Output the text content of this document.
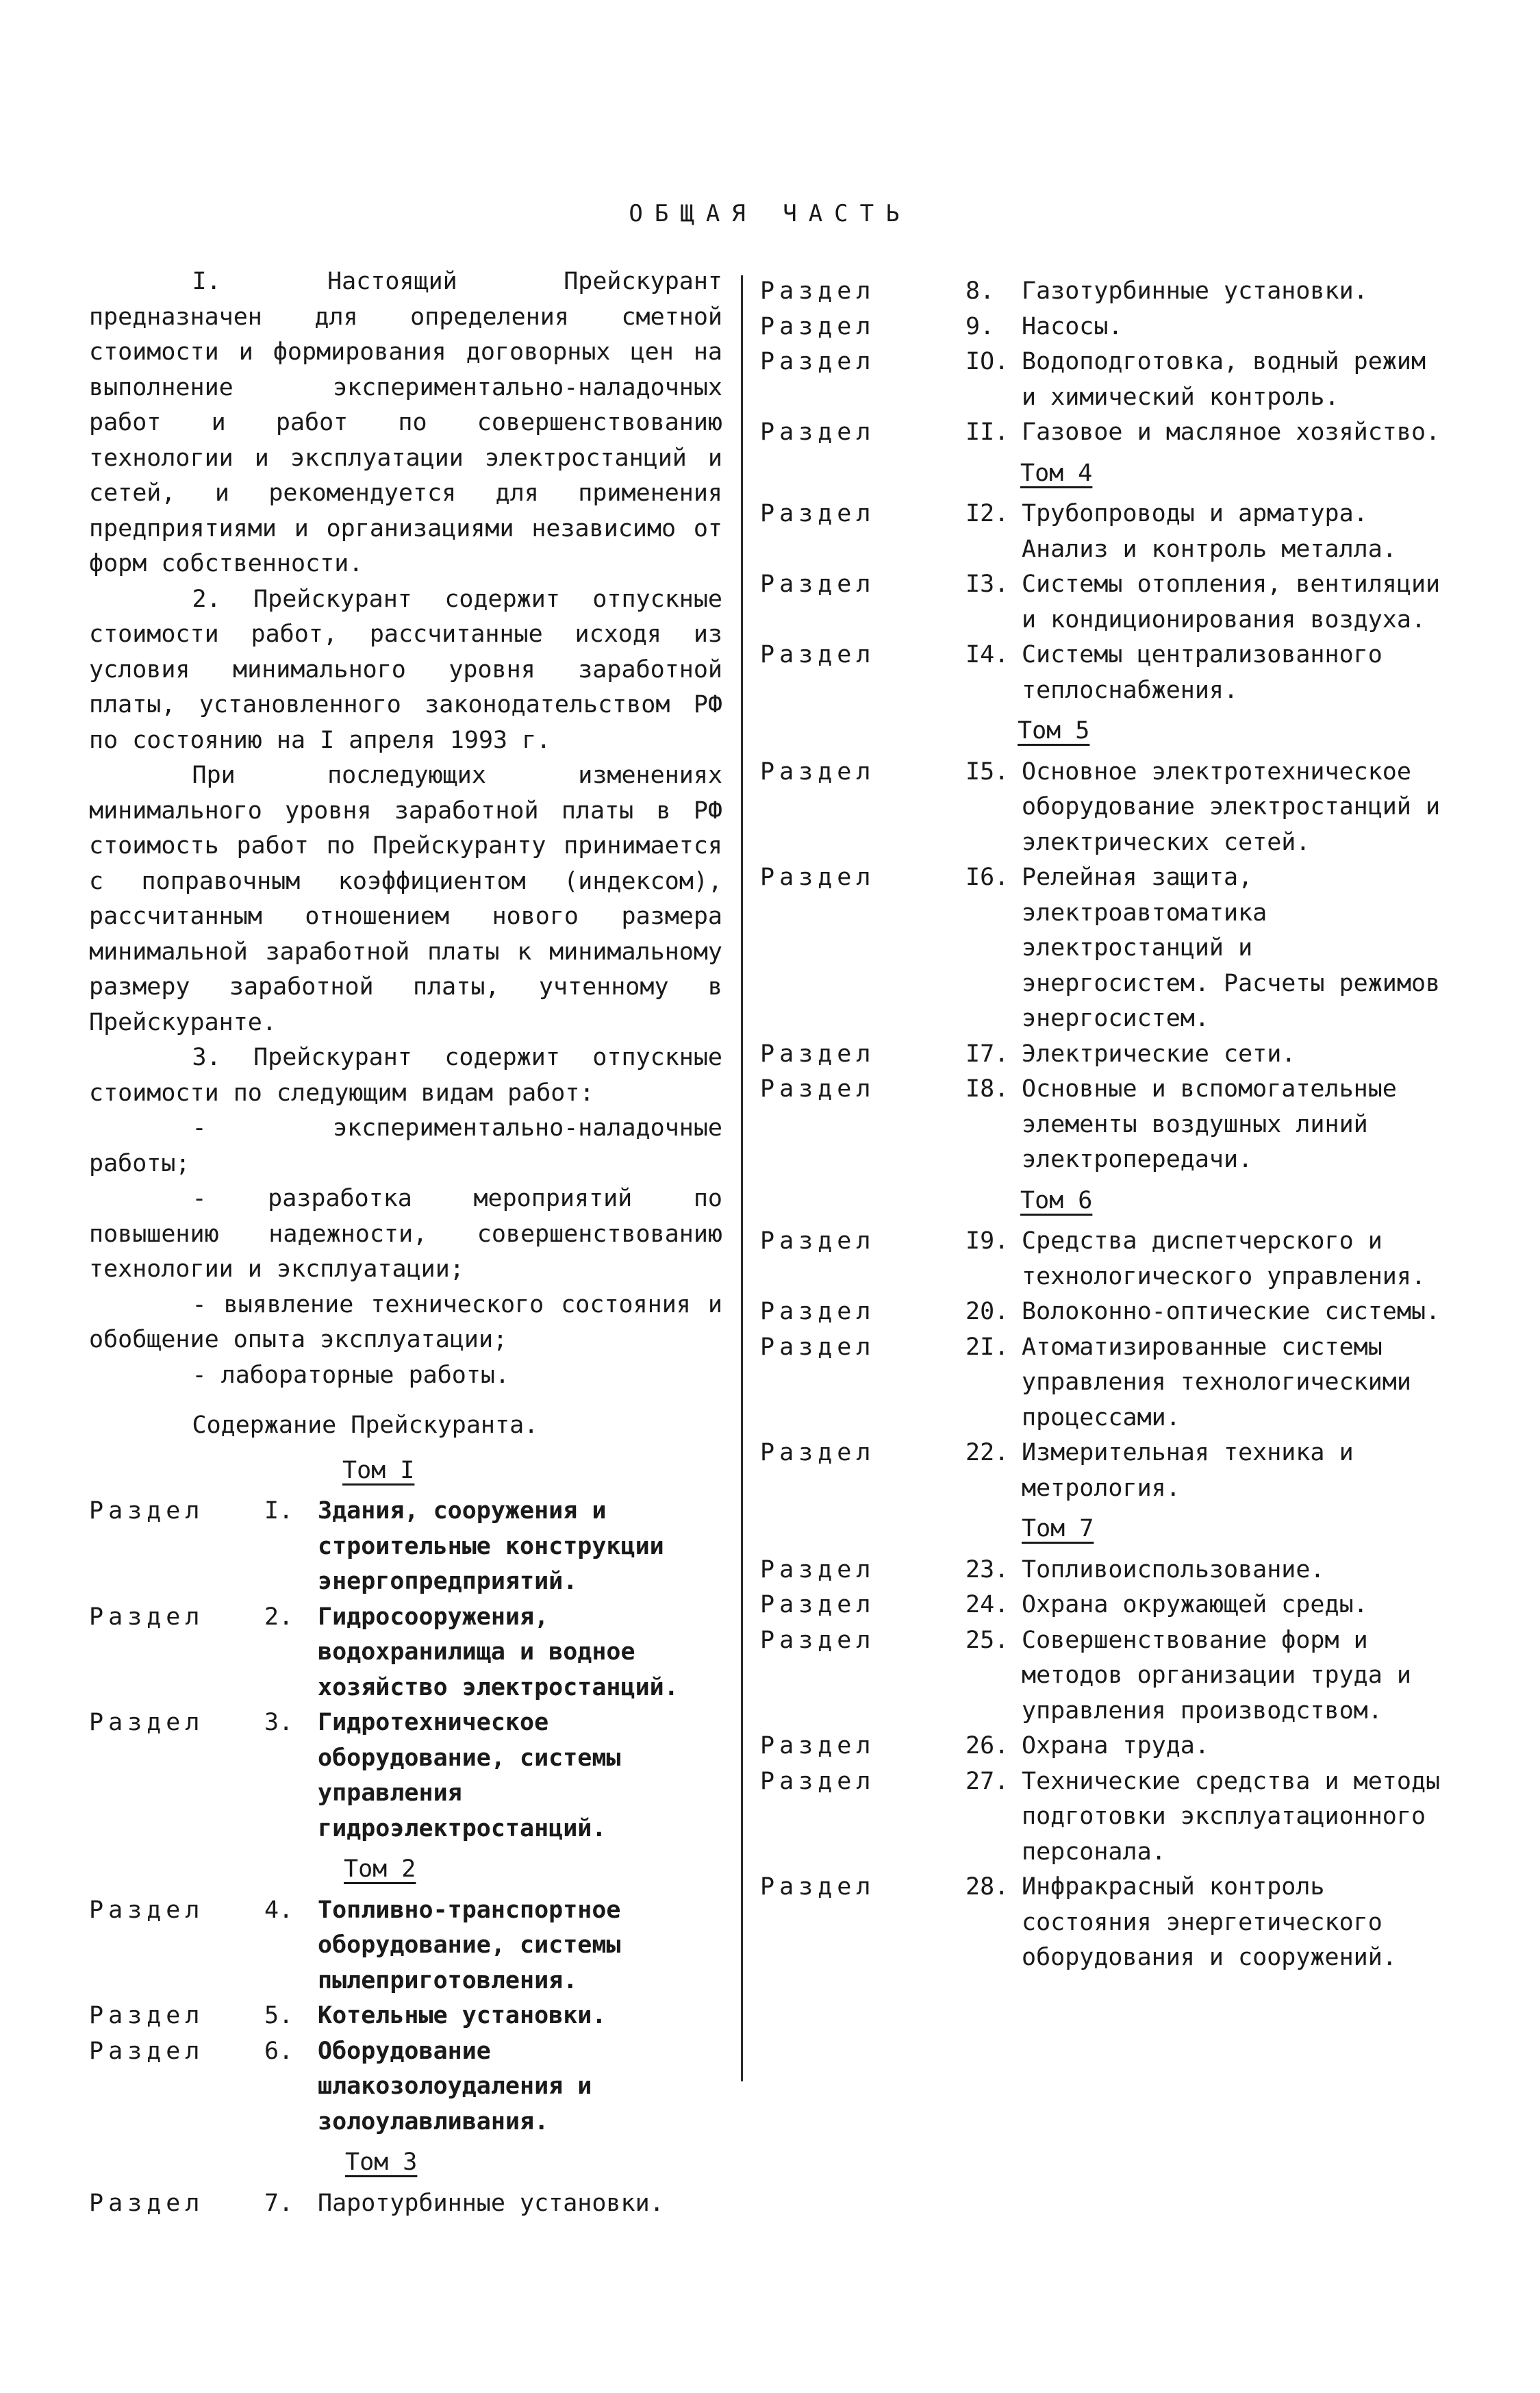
ОБЩАЯ ЧАСТЬ

I. Настоящий Прейскурант предназначен для определения сметной стоимости и формирования договорных цен на выполнение экспериментально-наладочных работ и работ по совершенствованию технологии и эксплуатации электростанций и сетей, и рекомендуется для применения предприятиями и организациями независимо от форм собственности.

2. Прейскурант содержит отпускные стоимости работ, рассчитанные исходя из условия минимального уровня заработной платы, установленного законодательством РФ по состоянию на I апреля 1993 г.

При последующих изменениях минимального уровня заработной платы в РФ стоимость работ по Прейскуранту принимается с поправочным коэффициентом (индексом), рассчитанным отношением нового размера минимальной заработной платы к минимальному размеру заработной платы, учтенному в Прейскуранте.

3. Прейскурант содержит отпускные стоимости по следующим видам работ:

- экспериментально-наладочные работы;

- разработка мероприятий по повышению надежности, совершенствованию технологии и эксплуатации;

- выявление технического состояния и обобщение опыта эксплуатации;

- лабораторные работы.

Содержание Прейскуранта.

Том I
Раздел	I.	Здания, сооружения и строительные конструкции энергопредприятий.
Раздел	2.	Гидросооружения, водохранилища и водное хозяйство электростанций.
Раздел	3.	Гидротехническое оборудование, системы управления гидроэлектростанций.
Том 2
Раздел	4.	Топливно-транспортное оборудование, системы пылеприготовления.
Раздел	5.	Котельные установки.
Раздел	6.	Оборудование шлакозолоудаления и золоулавливания.
Том 3
Раздел	7.	Паротурбинные установки.
Раздел	8.	Газотурбинные установки.
Раздел	9.	Насосы.
Раздел	IO. Водоподготовка, водный режим и химический контроль.
Раздел	II. Газовое и масляное хозяйство.
Том 4
Раздел	I2. Трубопроводы и арматура. Анализ и контроль металла.
Раздел	I3. Системы отопления, вентиляции и кондиционирования воздуха.
Раздел	I4. Системы централизованного теплоснабжения.
Том 5
Раздел	I5. Основное электротехническое оборудование электростанций и электрических сетей.
Раздел	I6. Релейная защита, электроавтоматика электростанций и энергосистем. Расчеты режимов энергосистем.
Раздел	I7. Электрические сети.
Раздел	I8. Основные и вспомогательные элементы воздушных линий электропередачи.
Том 6
Раздел	I9. Средства диспетчерского и технологического управления.
Раздел	20. Волоконно-оптические системы.
Раздел	2I. Атоматизированные системы управления технологическими процессами.
Раздел	22. Измерительная техника и метрология.
Том 7
Раздел	23. Топливоиспользование.
Раздел	24. Охрана окружающей среды.
Раздел	25. Совершенствование форм и методов организации труда и управления производством.
Раздел	26. Охрана труда.
Раздел	27. Технические средства и методы подготовки эксплуатационного персонала.
Раздел	28. Инфракрасный контроль состояния энергетического оборудования и сооружений.
